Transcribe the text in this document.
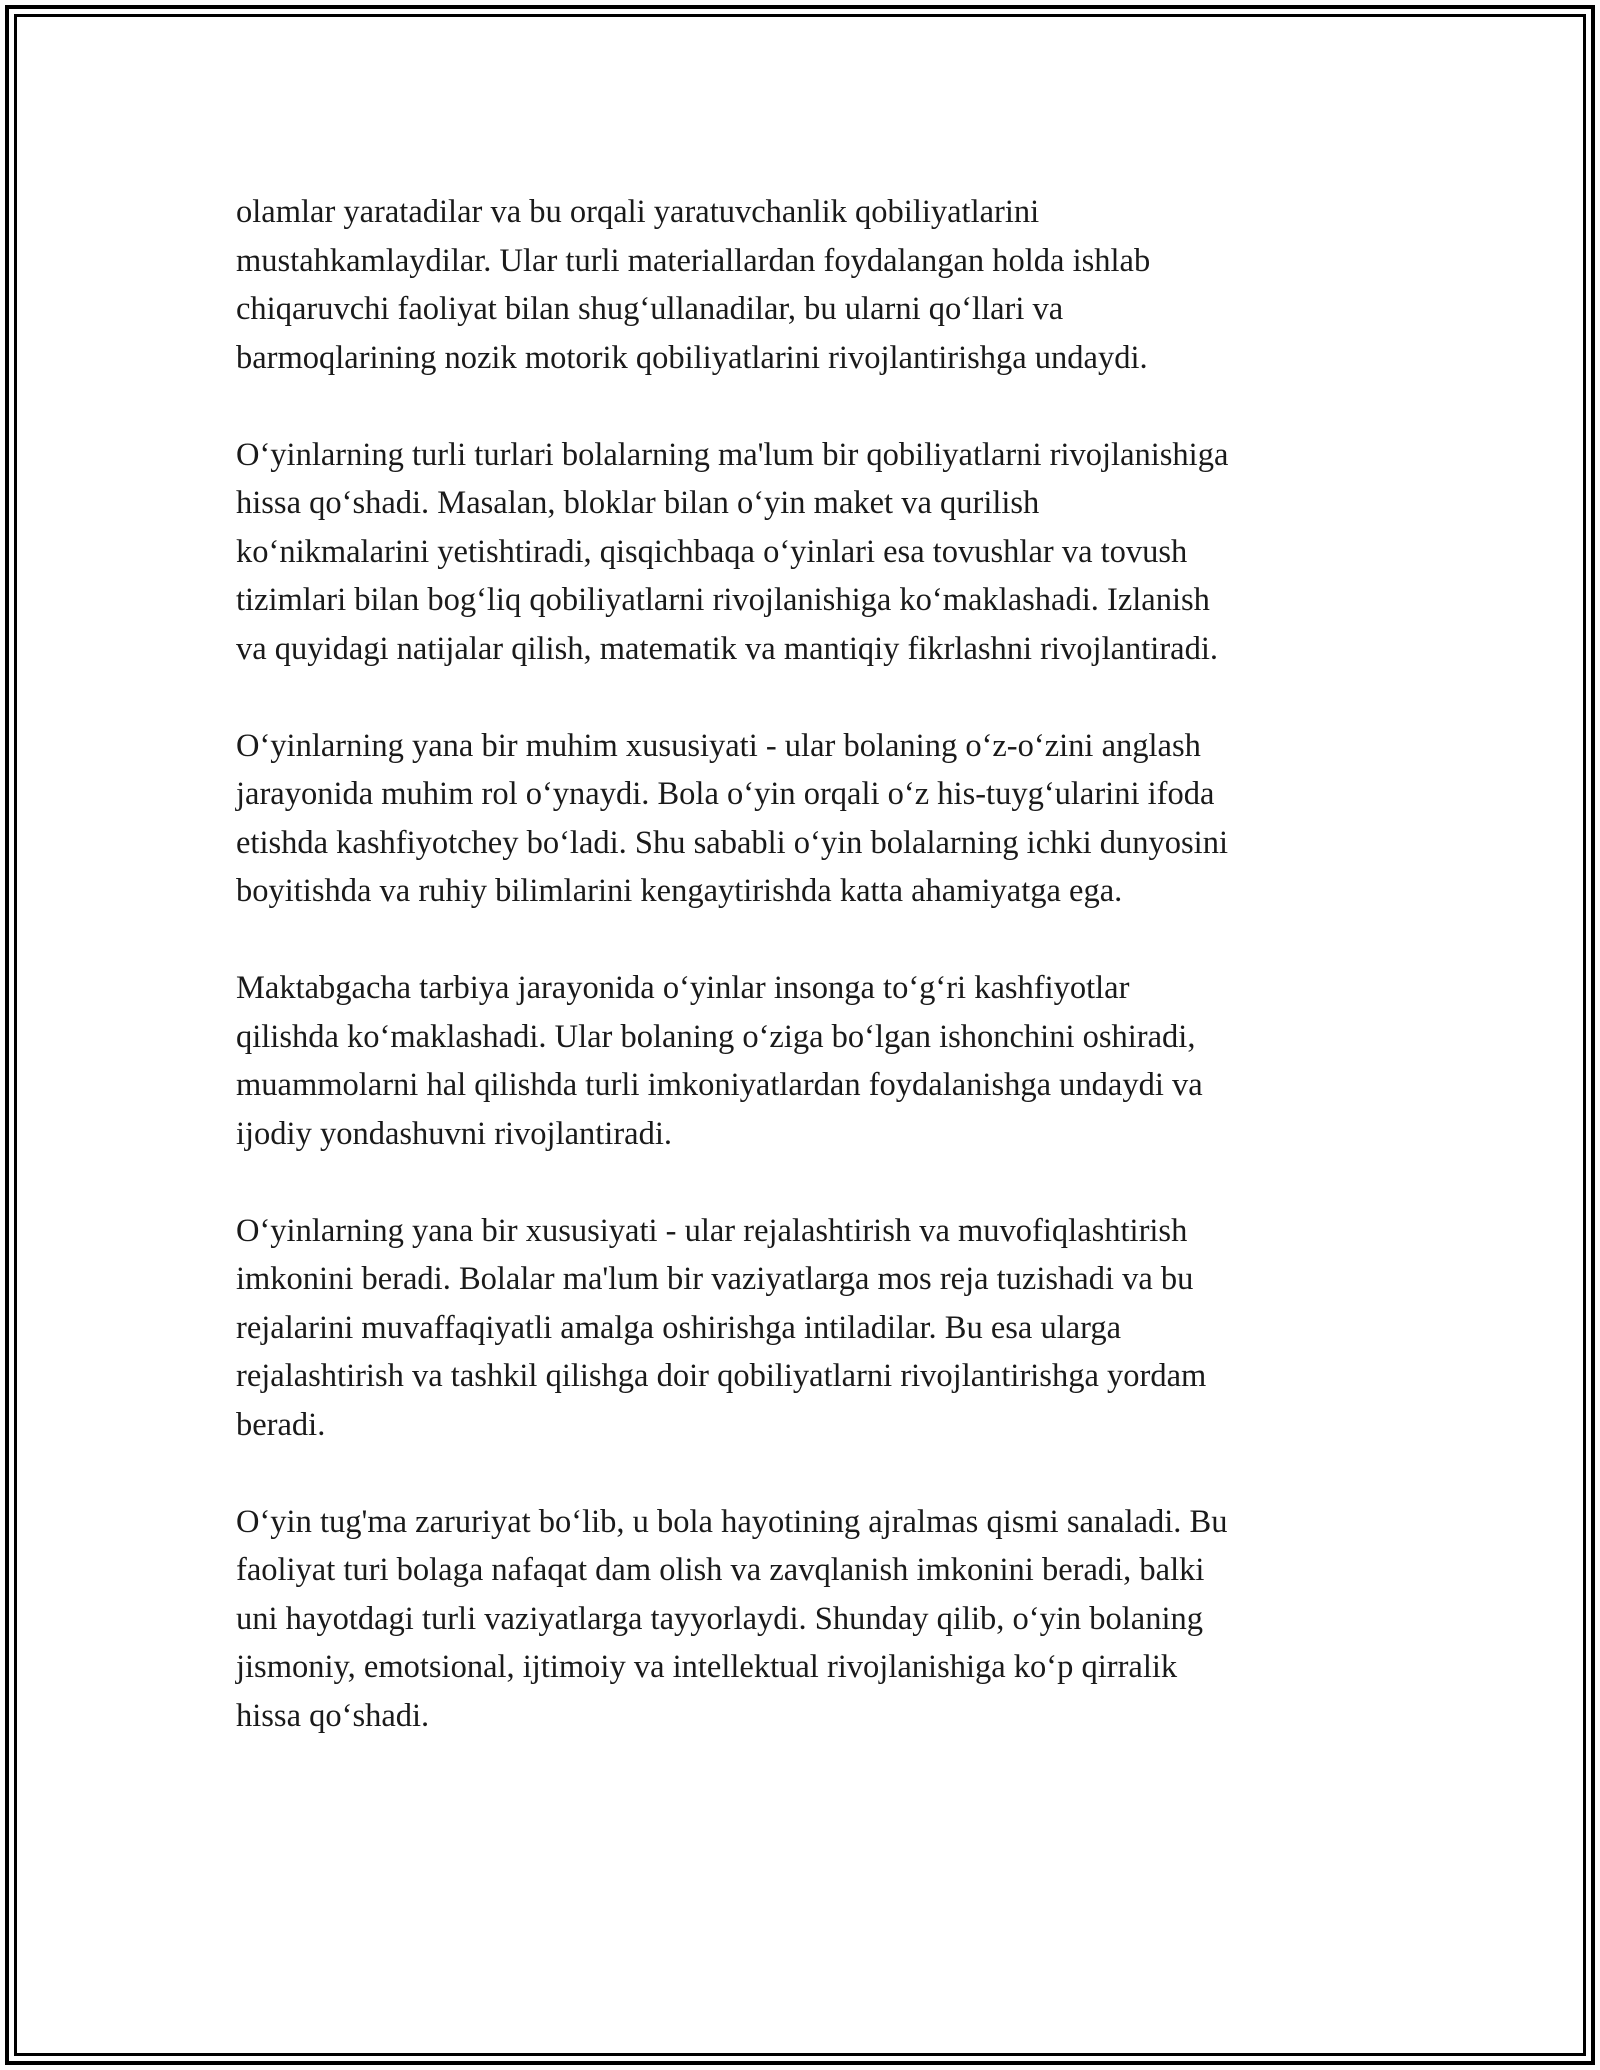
olamlar yaratadilar va bu orqali yaratuvchanlik qobiliyatlarini
mustahkamlaydilar. Ular turli materiallardan foydalangan holda ishlab
chiqaruvchi faoliyat bilan shug‘ullanadilar, bu ularni qo‘llari va
barmoqlarining nozik motorik qobiliyatlarini rivojlantirishga undaydi.

O‘yinlarning turli turlari bolalarning ma'lum bir qobiliyatlarni rivojlanishiga
hissa qo‘shadi. Masalan, bloklar bilan o‘yin maket va qurilish
ko‘nikmalarini yetishtiradi, qisqichbaqa o‘yinlari esa tovushlar va tovush
tizimlari bilan bog‘liq qobiliyatlarni rivojlanishiga ko‘maklashadi. Izlanish
va quyidagi natijalar qilish, matematik va mantiqiy fikrlashni rivojlantiradi.

O‘yinlarning yana bir muhim xususiyati - ular bolaning o‘z-o‘zini anglash
jarayonida muhim rol o‘ynaydi. Bola o‘yin orqali o‘z his-tuyg‘ularini ifoda
etishda kashfiyotchey bo‘ladi. Shu sababli o‘yin bolalarning ichki dunyosini
boyitishda va ruhiy bilimlarini kengaytirishda katta ahamiyatga ega.

Maktabgacha tarbiya jarayonida o‘yinlar insonga to‘g‘ri kashfiyotlar
qilishda ko‘maklashadi. Ular bolaning o‘ziga bo‘lgan ishonchini oshiradi,
muammolarni hal qilishda turli imkoniyatlardan foydalanishga undaydi va
ijodiy yondashuvni rivojlantiradi.

O‘yinlarning yana bir xususiyati - ular rejalashtirish va muvofiqlashtirish
imkonini beradi. Bolalar ma'lum bir vaziyatlarga mos reja tuzishadi va bu
rejalarini muvaffaqiyatli amalga oshirishga intiladilar. Bu esa ularga
rejalashtirish va tashkil qilishga doir qobiliyatlarni rivojlantirishga yordam
beradi.

O‘yin tug'ma zaruriyat bo‘lib, u bola hayotining ajralmas qismi sanaladi. Bu
faoliyat turi bolaga nafaqat dam olish va zavqlanish imkonini beradi, balki
uni hayotdagi turli vaziyatlarga tayyorlaydi. Shunday qilib, o‘yin bolaning
jismoniy, emotsional, ijtimoiy va intellektual rivojlanishiga ko‘p qirralik
hissa qo‘shadi.
